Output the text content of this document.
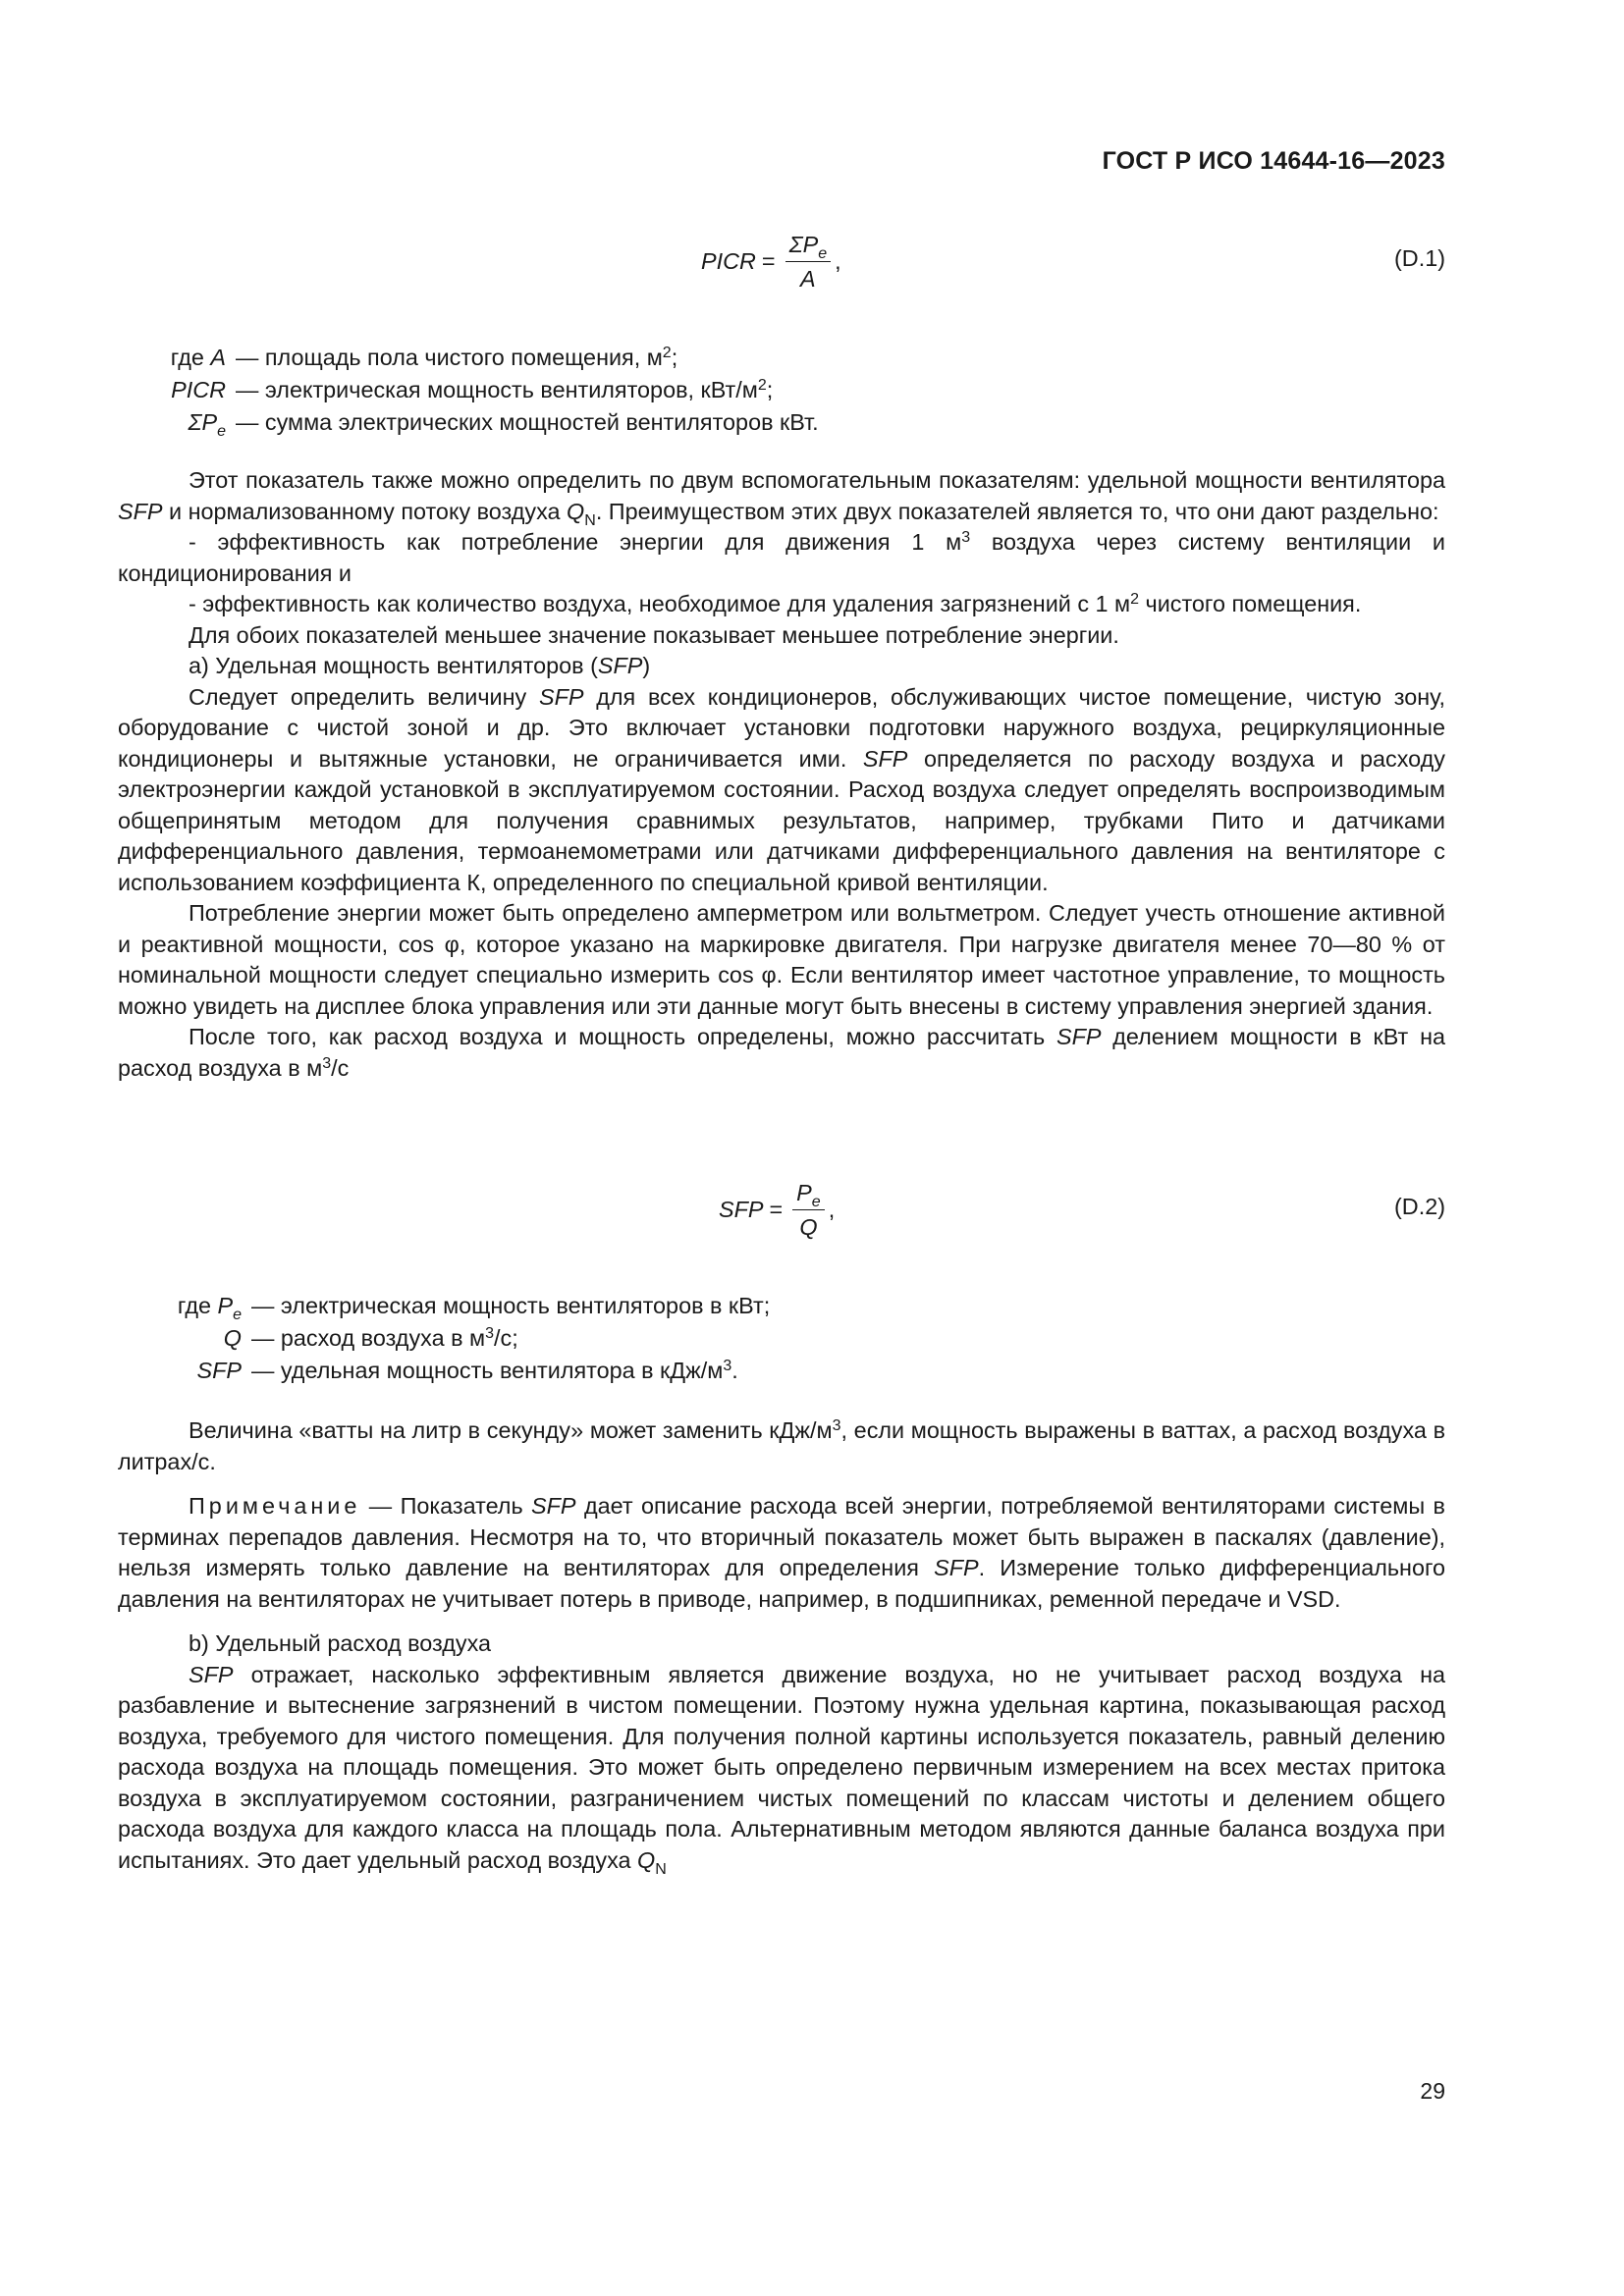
ГОСТ Р ИСО 14644-16—2023
PICR = $\frac{\Sigma P_e}{A}$ ,	(D.1)
где A — площадь пола чистого помещения, $м^2$;
PICR — электрическая мощность вентиляторов, кВт/$м^2$;
$\Sigma P_e$ — сумма электрических мощностей вентиляторов кВт.

Этот показатель также можно определить по двум вспомогательным показателям: удельной мощности вентилятора SFP и нормализованному потоку воздуха $Q_N$. Преимуществом этих двух показателей является то, что они дают раздельно:

- эффективность как потребление энергии для движения 1 $м^3$ воздуха через систему вентиляции и кондиционирования и

- эффективность как количество воздуха, необходимое для удаления загрязнений с 1 $м^2$ чистого помещения.

Для обоих показателей меньшее значение показывает меньшее потребление энергии.

a) Удельная мощность вентиляторов (SFP)

Следует определить величину SFP для всех кондиционеров, обслуживающих чистое помещение, чистую зону, оборудование с чистой зоной и др. Это включает установки подготовки наружного воздуха, рециркуляционные кондиционеры и вытяжные установки, не ограничивается ими. SFP определяется по расходу воздуха и расходу электроэнергии каждой установкой в эксплуатируемом состоянии. Расход воздуха следует определять воспроизводимым общепринятым методом для получения сравнимых результатов, например, трубками Пито и датчиками дифференциального давления, термоанемометрами или датчиками дифференциального давления на вентиляторе с использованием коэффициента К, определенного по специальной кривой вентиляции.

Потребление энергии может быть определено амперметром или вольтметром. Следует учесть отношение активной и реактивной мощности, cos φ, которое указано на маркировке двигателя. При нагрузке двигателя менее 70—80 % от номинальной мощности следует специально измерить cos φ. Если вентилятор имеет частотное управление, то мощность можно увидеть на дисплее блока управления или эти данные могут быть внесены в систему управления энергией здания.

После того, как расход воздуха и мощность определены, можно рассчитать SFP делением мощности в кВт на расход воздуха в $м^3/с$

SFP = $\frac{P_e}{Q}$ ,	(D.2)
где $P_e$ — электрическая мощность вентиляторов в кВт;
Q — расход воздуха в $м^3/с$;
SFP — удельная мощность вентилятора в кДж/$м^3$.

Величина «ватты на литр в секунду» может заменить кДж/$м^3$, если мощность выражены в ваттах, а расход воздуха в литрах/с.

Примечание — Показатель SFP дает описание расхода всей энергии, потребляемой вентиляторами системы в терминах перепадов давления. Несмотря на то, что вторичный показатель может быть выражен в паскалях (давление), нельзя измерять только давление на вентиляторах для определения SFP. Измерение только дифференциального давления на вентиляторах не учитывает потерь в приводе, например, в подшипниках, ременной передаче и VSD.

b) Удельный расход воздуха

SFP отражает, насколько эффективным является движение воздуха, но не учитывает расход воздуха на разбавление и вытеснение загрязнений в чистом помещении. Поэтому нужна удельная картина, показывающая расход воздуха, требуемого для чистого помещения. Для получения полной картины используется показатель, равный делению расхода воздуха на площадь помещения. Это может быть определено первичным измерением на всех местах притока воздуха в эксплуатируемом состоянии, разграничением чистых помещений по классам чистоты и делением общего расхода воздуха для каждого класса на площадь пола. Альтернативным методом являются данные баланса воздуха при испытаниях. Это дает удельный расход воздуха $Q_N$

29
